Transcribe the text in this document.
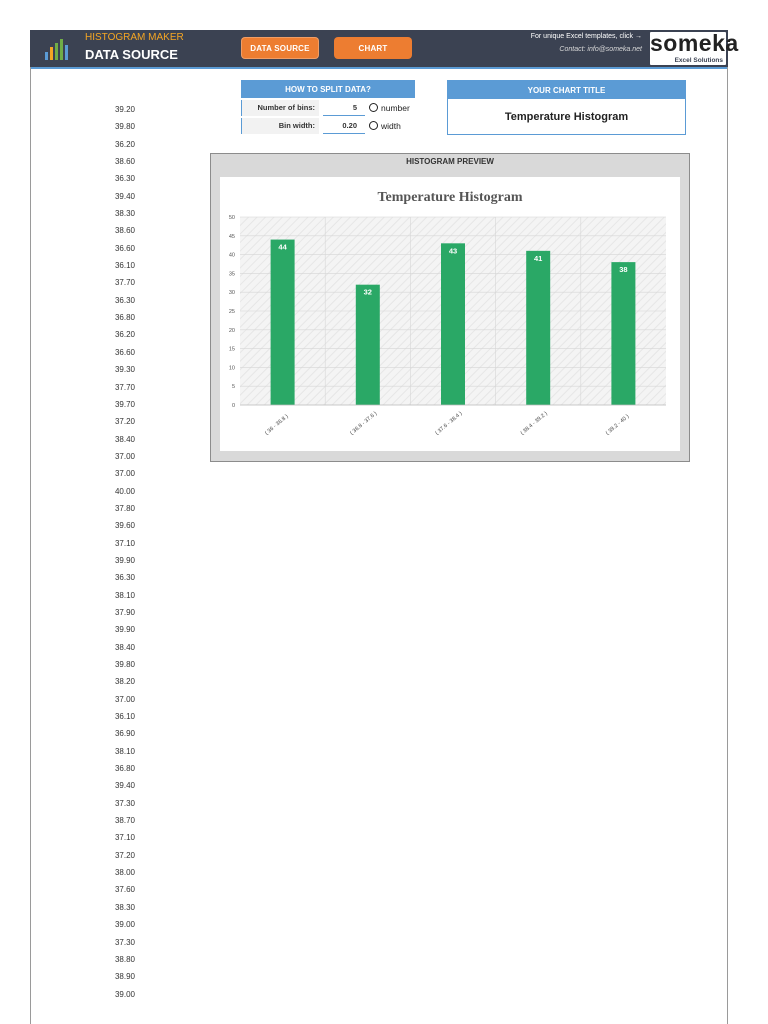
HISTOGRAM MAKER
DATA SOURCE	DATA SOURCE	CHART
For unique Excel templates, click →
Contact: info@someka.net someka
Excel Solutions
39.20
39.80
36.20
38.60
36.30
39.40
38.30
38.60
36.60
36.10
37.70
36.30
36.80
36.20
36.60
39.30
37.70
39.70
37.20
38.40
37.00
37.00
40.00
37.80
39.60
37.10
39.90
36.30
38.10
37.90
39.90
38.40
39.80
38.20
37.00
36.10
36.90
38.10
36.80
39.40
37.30
38.70
37.10
37.20
38.00
37.60
38.30
39.00
37.30
38.80
38.90
39.00
HOW TO SPLIT DATA?
Number of bins:	5	number
Bin width:	0.20	width
YOUR CHART TITLE
Temperature Histogram
HISTOGRAM PREVIEW
Temperature Histogram
0
5
10
15
20
25
30
35
40
45
50
44
( 36 - 36.8 )
32
( 36.8 - 37.6 )
43
( 37.6 - 38.4 )
41
( 38.4 - 39.2 )
38
( 39.2 - 40 )
